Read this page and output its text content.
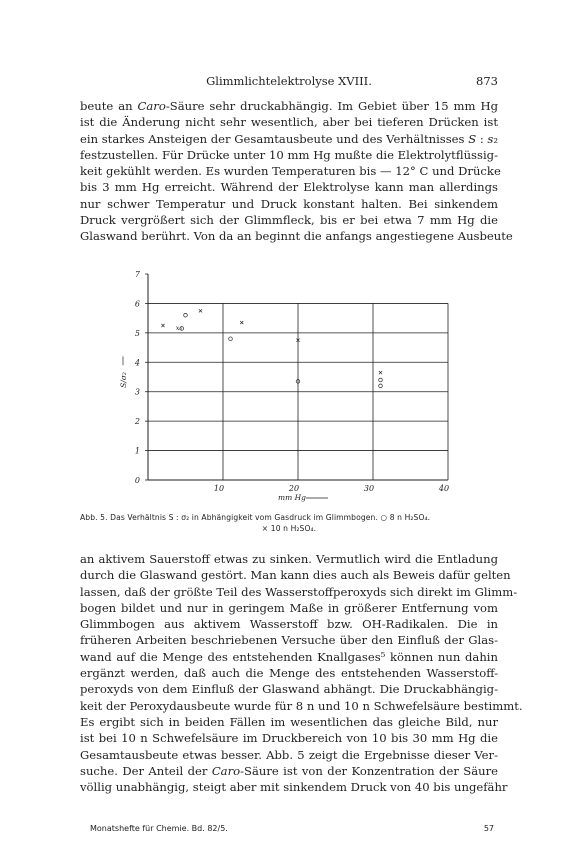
Glimmlichtelektrolyse XVIII.	873

beute an Caro-Säure sehr druckabhängig. Im Gebiet über 15 mm Hg
ist die Änderung nicht sehr wesentlich, aber bei tieferen Drücken ist
ein starkes Ansteigen der Gesamtausbeute und des Verhältnisses S : s₂
festzustellen. Für Drücke unter 10 mm Hg mußte die Elektrolytflüssig-
keit gekühlt werden. Es wurden Temperaturen bis — 12° C und Drücke
bis 3 mm Hg erreicht. Während der Elektrolyse kann man allerdings
nur schwer Temperatur und Druck konstant halten. Bei sinkendem
Druck vergrößert sich der Glimmfleck, bis er bei etwa 7 mm Hg die
Glaswand berührt. Von da an beginnt die anfangs angestiegene Ausbeute

0
1
2
3
4
5
6
7
10	20	30	40
mm Hg
S/σ₂
x₀
Abb. 5. Das Verhältnis S : σ₂ in Abhängigkeit vom Gasdruck im Glimmbogen. ○ 8 n H₂SO₄.
× 10 n H₂SO₄.

an aktivem Sauerstoff etwas zu sinken. Vermutlich wird die Entladung
durch die Glaswand gestört. Man kann dies auch als Beweis dafür gelten
lassen, daß der größte Teil des Wasserstoffperoxyds sich direkt im Glimm-
bogen bildet und nur in geringem Maße in größerer Entfernung vom
Glimmbogen aus aktivem Wasserstoff bzw. OH-Radikalen. Die in
früheren Arbeiten beschriebenen Versuche über den Einfluß der Glas-
wand auf die Menge des entstehenden Knallgases⁵ können nun dahin
ergänzt werden, daß auch die Menge des entstehenden Wasserstoff-
peroxyds von dem Einfluß der Glaswand abhängt. Die Druckabhängig-
keit der Peroxydausbeute wurde für 8 n und 10 n Schwefelsäure bestimmt.
Es ergibt sich in beiden Fällen im wesentlichen das gleiche Bild, nur
ist bei 10 n Schwefelsäure im Druckbereich von 10 bis 30 mm Hg die
Gesamtausbeute etwas besser. Abb. 5 zeigt die Ergebnisse dieser Ver-
suche. Der Anteil der Caro-Säure ist von der Konzentration der Säure
völlig unabhängig, steigt aber mit sinkendem Druck von 40 bis ungefähr

Monatshefte für Chemie. Bd. 82/5.	57
